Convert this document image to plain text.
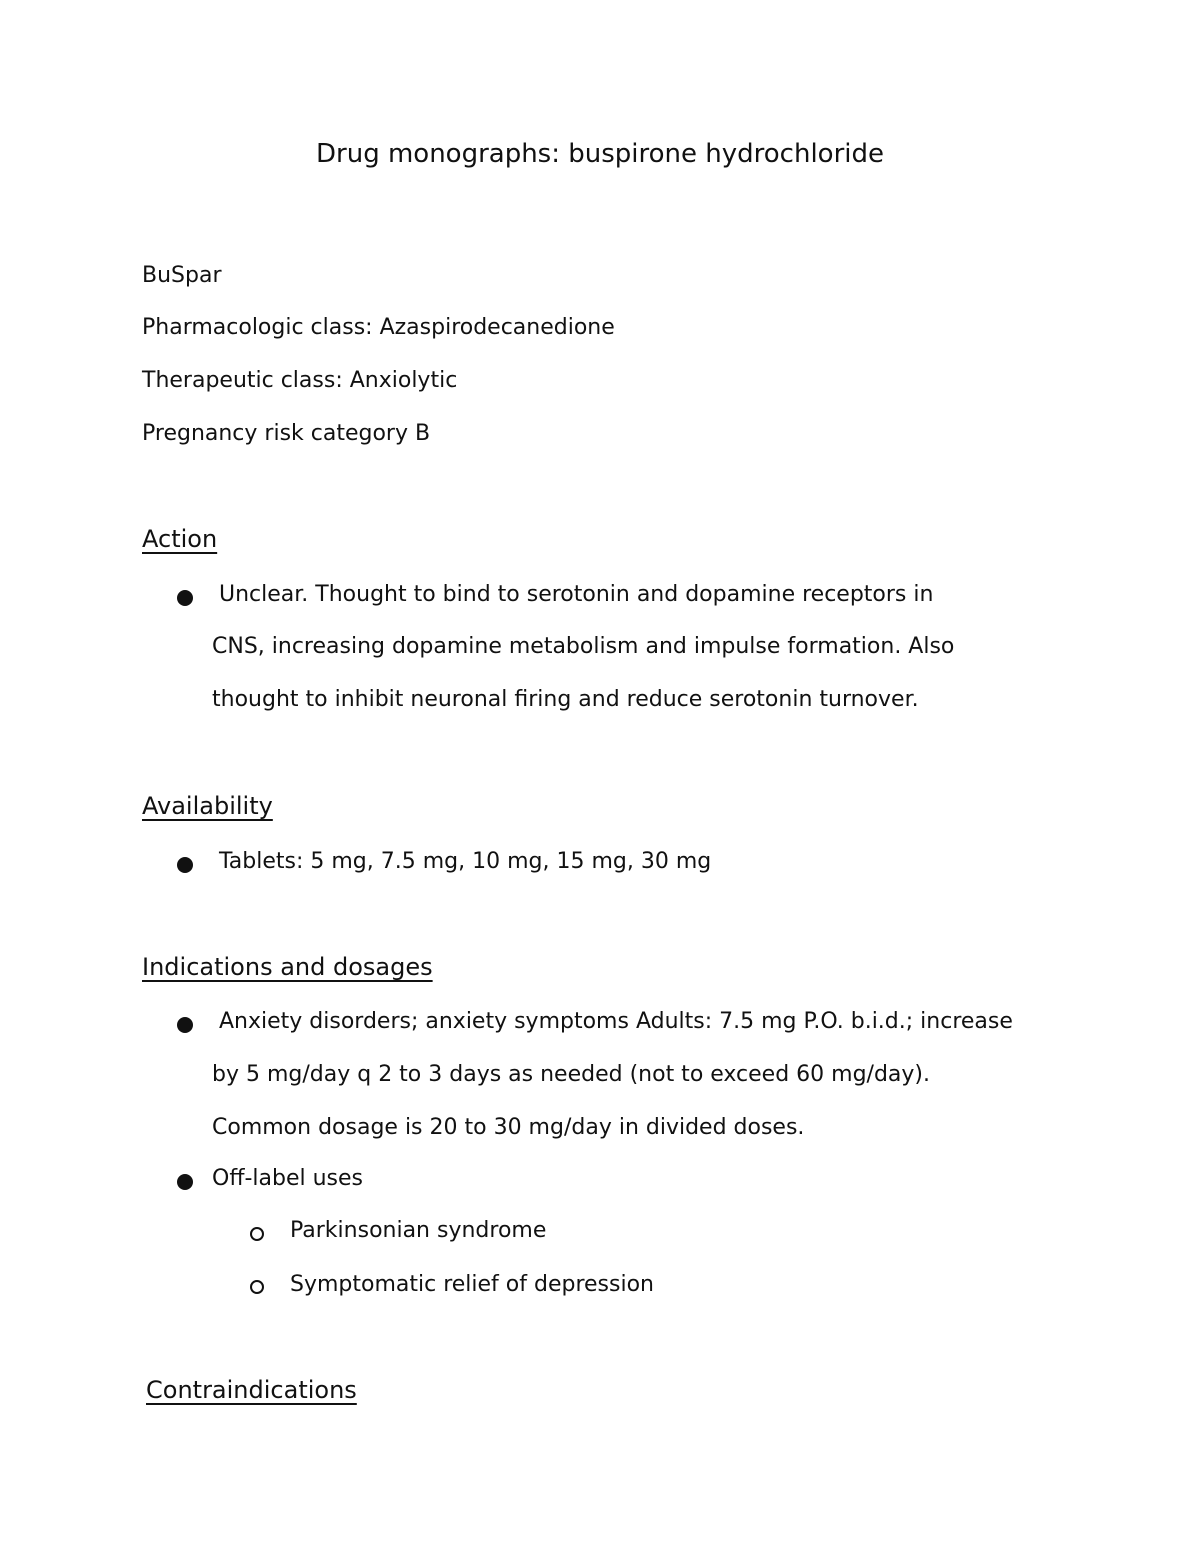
Drug monographs: buspirone hydrochloride
BuSpar
Pharmacologic class: Azaspirodecanedione
Therapeutic class: Anxiolytic
Pregnancy risk category B
Action
Unclear. Thought to bind to serotonin and dopamine receptors in
CNS, increasing dopamine metabolism and impulse formation. Also
thought to inhibit neuronal firing and reduce serotonin turnover.
Availability
Tablets: 5 mg, 7.5 mg, 10 mg, 15 mg, 30 mg
Indications and dosages
Anxiety disorders; anxiety symptoms Adults: 7.5 mg P.O. b.i.d.; increase
by 5 mg/day q 2 to 3 days as needed (not to exceed 60 mg/day).
Common dosage is 20 to 30 mg/day in divided doses.
Off-label uses
Parkinsonian syndrome
Symptomatic relief of depression
Contraindications
